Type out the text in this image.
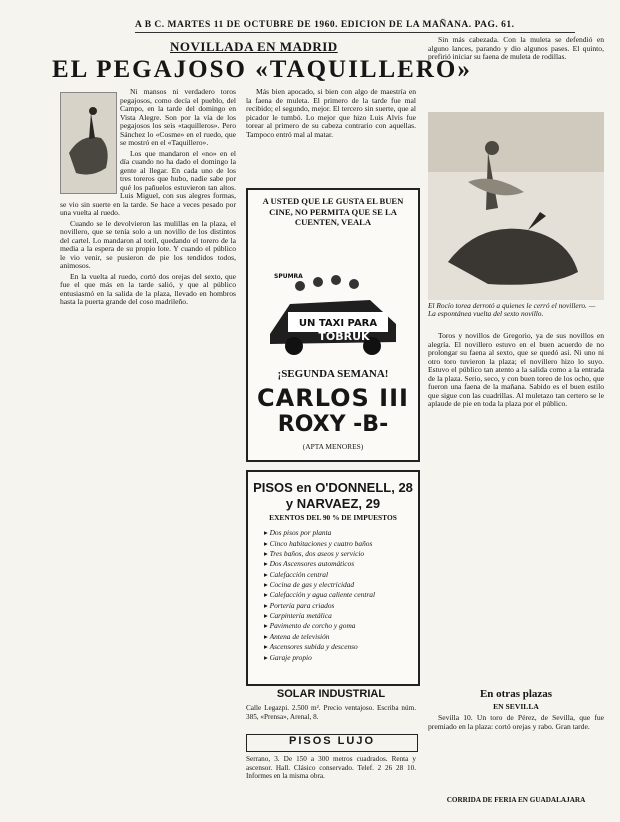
A B C. MARTES 11 DE OCTUBRE DE 1960. EDICION DE LA MAÑANA. PAG. 61.
NOVILLADA EN MADRID
EL PEGAJOSO «TAQUILLERO»

Ni mansos ni verdadero toros pegajosos, como decía el pueblo, del Campo, en la tarde del domingo en Vista Alegre. Son por la vía de los pegajosos los seis «taquilleros». Pero Sánchez lo «Cosme» en el ruedo, que se mostró en el «Taquillero».

Los que mandaron el «no» en el día cuando no ha dado el domingo la gente al llegar. En cada uno de los tres toreros que hubo, nadie sabe por qué los pañuelos estuvieron tan altos. Luis Miguel, con sus alegres formas, se vio sin suerte en la tarde. Se hace a veces pesado por una vuelta al ruedo.

Cuando se le devolvieron las mulillas en la plaza, el novillero, que se tenía solo a un novillo de los distintos del cartel. Lo mandaron al toril, quedando el torero de la media a la espera de su propio lote. Y cuando el público le vio venir, se pusieron de pie los tendidos todos, animosos.

En la vuelta al ruedo, cortó dos orejas del sexto, que fue el que más en la tarde salió, y que al público entusiasmó en la salida de la plaza, llevado en hombros hasta la puerta grande del coso madrileño.

Más bien apocado, si bien con algo de maestría en la faena de muleta. El primero de la tarde fue mal recibido; el segundo, mejor. El tercero sin suerte, que al picador le tumbó. Lo mejor que hizo Luis Alvis fue torear al primero de su cabeza contrario con aquellas. Tampoco entró mal al matar.

A USTED QUE LE GUSTA EL BUEN CINE, NO PERMITA QUE SE LA CUENTEN, VEALA
UN TAXI PARA
TOBRUK
SPUMRA
¡SEGUNDA SEMANA!
CARLOS III
ROXY -B-
(APTA MENORES)
PISOS en O'DONNELL, 28
y NARVAEZ, 29
EXENTOS DEL 90 % DE IMPUESTOS
▸ Dos pisos por planta
▸ Cinco habitaciones y cuatro baños
▸ Tres baños, dos aseos y servicio
▸ Dos Ascensores automáticos
▸ Calefacción central
▸ Cocina de gas y electricidad
▸ Calefacción y agua caliente central
▸ Portería para criados
▸ Carpintería metálica
▸ Pavimento de corcho y goma
▸ Antena de televisión
▸ Ascensores subida y descenso
▸ Garaje propio
SOLAR INDUSTRIAL
Calle Legazpi. 2.500 m². Precio ventajoso. Escriba núm. 385, «Prensa», Arenal, 8.
PISOS LUJO
Serrano, 3. De 150 a 300 metros cuadrados. Renta y ascensor. Hall. Clásico conservado. Telef. 2 26 28 10. Informes en la misma obra.

Sin más cabezada. Con la muleta se defendió en alguno lances, parando y dio algunos pases. El quinto, prefirió iniciar su faena de muleta de rodillas.

El Rocío torea derrotó a quienes le cerró el novillero. — La espontánea vuelta del sexto novillo.

Toros y novillos de Gregorio, ya de sus novillos en alegría. El novillero estuvo en el buen acuerdo de no prolongar su faena al sexto, que se quedó así. Ni uno ni otro toro tuvieron la plaza; el novillero hizo lo suyo. Estuvo el público tan atento a la salida como a la entrada de la plaza. Serio, seco, y con buen toreo de los ocho, que fueron una faena de la mañana. Sabido es el buen estilo que sigue con las cuadrillas. Al muletazo tan certero se le aplaude de pie en toda la plaza por el público.

En otras plazas
EN SEVILLA

Sevilla 10. Un toro de Pérez, de Sevilla, que fue premiado en la plaza: cortó orejas y rabo. Gran tarde.

CORRIDA DE FERIA EN GUADALAJARA
